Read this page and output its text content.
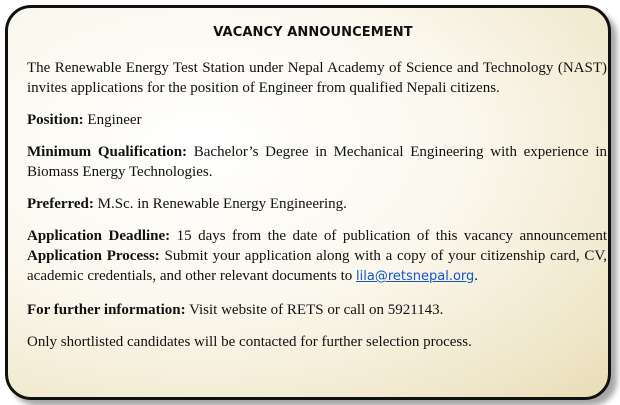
VACANCY ANNOUNCEMENT

The Renewable Energy Test Station under Nepal Academy of Science and Technology (NAST) invites applications for the position of Engineer from qualified Nepali citizens.

Position: Engineer

Minimum Qualification: Bachelor’s Degree in Mechanical Engineering with experience in Biomass Energy Technologies.

Preferred: M.Sc. in Renewable Energy Engineering.

Application Deadline: 15 days from the date of publication of this vacancy announcement Application Process: Submit your application along with a copy of your citizenship card, CV, academic credentials, and other relevant documents to lila@retsnepal.org.

For further information: Visit website of RETS or call on 5921143.

Only shortlisted candidates will be contacted for further selection process.
